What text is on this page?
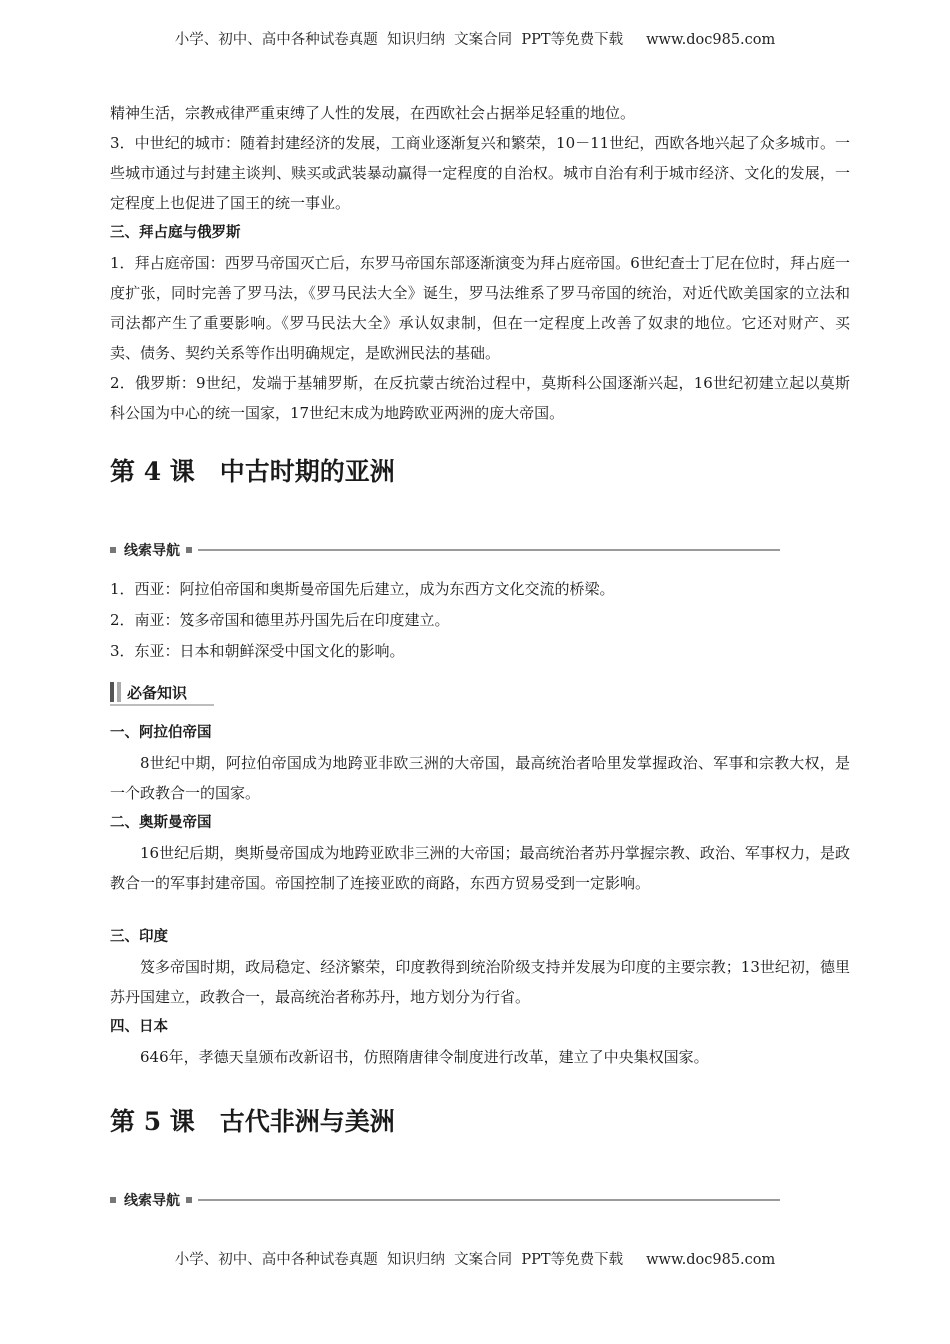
小学、初中、高中各种试卷真题  知识归纳  文案合同  PPT等免费下载     www.doc985.com

精神生活，宗教戒律严重束缚了人性的发展，在西欧社会占据举足轻重的地位。

3．中世纪的城市：随着封建经济的发展，工商业逐渐复兴和繁荣，10－11世纪，西欧各地兴起了众多城市。一些城市通过与封建主谈判、赎买或武装暴动赢得一定程度的自治权。城市自治有利于城市经济、文化的发展，一定程度上也促进了国王的统一事业。

三、拜占庭与俄罗斯

1．拜占庭帝国：西罗马帝国灭亡后，东罗马帝国东部逐渐演变为拜占庭帝国。6世纪查士丁尼在位时，拜占庭一度扩张，同时完善了罗马法，《罗马民法大全》诞生，罗马法维系了罗马帝国的统治，对近代欧美国家的立法和司法都产生了重要影响。《罗马民法大全》承认奴隶制，但在一定程度上改善了奴隶的地位。它还对财产、买卖、债务、契约关系等作出明确规定，是欧洲民法的基础。

2．俄罗斯：9世纪，发端于基辅罗斯，在反抗蒙古统治过程中，莫斯科公国逐渐兴起，16世纪初建立起以莫斯科公国为中心的统一国家，17世纪末成为地跨欧亚两洲的庞大帝国。

第 4 课　中古时期的亚洲
线索导航

1．西亚：阿拉伯帝国和奥斯曼帝国先后建立，成为东西方文化交流的桥梁。

2．南亚：笈多帝国和德里苏丹国先后在印度建立。

3．东亚：日本和朝鲜深受中国文化的影响。

必备知识

一、阿拉伯帝国

8世纪中期，阿拉伯帝国成为地跨亚非欧三洲的大帝国，最高统治者哈里发掌握政治、军事和宗教大权，是一个政教合一的国家。

二、奥斯曼帝国

16世纪后期，奥斯曼帝国成为地跨亚欧非三洲的大帝国；最高统治者苏丹掌握宗教、政治、军事权力，是政教合一的军事封建帝国。帝国控制了连接亚欧的商路，东西方贸易受到一定影响。

三、印度

笈多帝国时期，政局稳定、经济繁荣，印度教得到统治阶级支持并发展为印度的主要宗教；13世纪初，德里苏丹国建立，政教合一，最高统治者称苏丹，地方划分为行省。

四、日本

646年，孝德天皇颁布改新诏书，仿照隋唐律令制度进行改革，建立了中央集权国家。

第 5 课　古代非洲与美洲
线索导航
小学、初中、高中各种试卷真题  知识归纳  文案合同  PPT等免费下载     www.doc985.com
